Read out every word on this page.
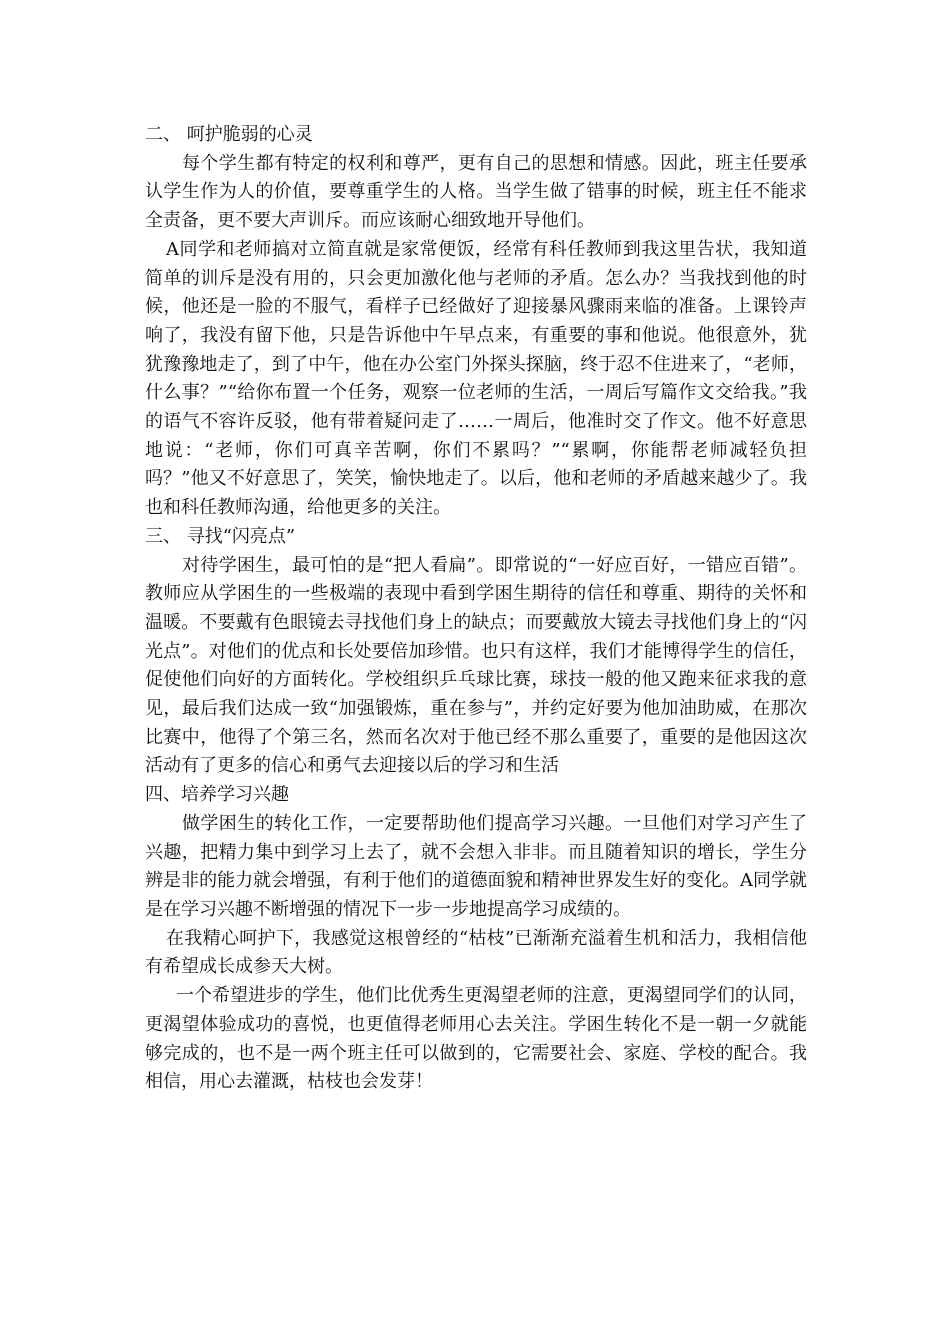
二、 呵护脆弱的心灵

每个学生都有特定的权利和尊严，更有自己的思想和情感。因此，班主任要承认学生作为人的价值，要尊重学生的人格。当学生做了错事的时候，班主任不能求全责备，更不要大声训斥。而应该耐心细致地开导他们。

A同学和老师搞对立简直就是家常便饭，经常有科任教师到我这里告状，我知道简单的训斥是没有用的，只会更加激化他与老师的矛盾。怎么办？当我找到他的时候，他还是一脸的不服气，看样子已经做好了迎接暴风骤雨来临的准备。上课铃声响了，我没有留下他，只是告诉他中午早点来，有重要的事和他说。他很意外，犹犹豫豫地走了，到了中午，他在办公室门外探头探脑，终于忍不住进来了，“老师，什么事？”“给你布置一个任务，观察一位老师的生活，一周后写篇作文交给我。”我的语气不容许反驳，他有带着疑问走了……一周后，他准时交了作文。他不好意思地说：“老师，你们可真辛苦啊，你们不累吗？”“累啊，你能帮老师减轻负担吗？”他又不好意思了，笑笑，愉快地走了。以后，他和老师的矛盾越来越少了。我也和科任教师沟通，给他更多的关注。

三、 寻找“闪亮点”

对待学困生，最可怕的是“把人看扁”。即常说的“一好应百好，一错应百错”。教师应从学困生的一些极端的表现中看到学困生期待的信任和尊重、期待的关怀和温暖。不要戴有色眼镜去寻找他们身上的缺点；而要戴放大镜去寻找他们身上的“闪光点”。对他们的优点和长处要倍加珍惜。也只有这样，我们才能博得学生的信任，促使他们向好的方面转化。学校组织乒乓球比赛，球技一般的他又跑来征求我的意见，最后我们达成一致“加强锻炼，重在参与”，并约定好要为他加油助威，在那次比赛中，他得了个第三名，然而名次对于他已经不那么重要了，重要的是他因这次活动有了更多的信心和勇气去迎接以后的学习和生活

四、培养学习兴趣

做学困生的转化工作，一定要帮助他们提高学习兴趣。一旦他们对学习产生了兴趣，把精力集中到学习上去了，就不会想入非非。而且随着知识的增长，学生分辨是非的能力就会增强，有利于他们的道德面貌和精神世界发生好的变化。A同学就是在学习兴趣不断增强的情况下一步一步地提高学习成绩的。

在我精心呵护下，我感觉这根曾经的“枯枝”已渐渐充溢着生机和活力，我相信他有希望成长成参天大树。

一个希望进步的学生，他们比优秀生更渴望老师的注意，更渴望同学们的认同，更渴望体验成功的喜悦，也更值得老师用心去关注。学困生转化不是一朝一夕就能够完成的，也不是一两个班主任可以做到的，它需要社会、家庭、学校的配合。我相信，用心去灌溉，枯枝也会发芽！
